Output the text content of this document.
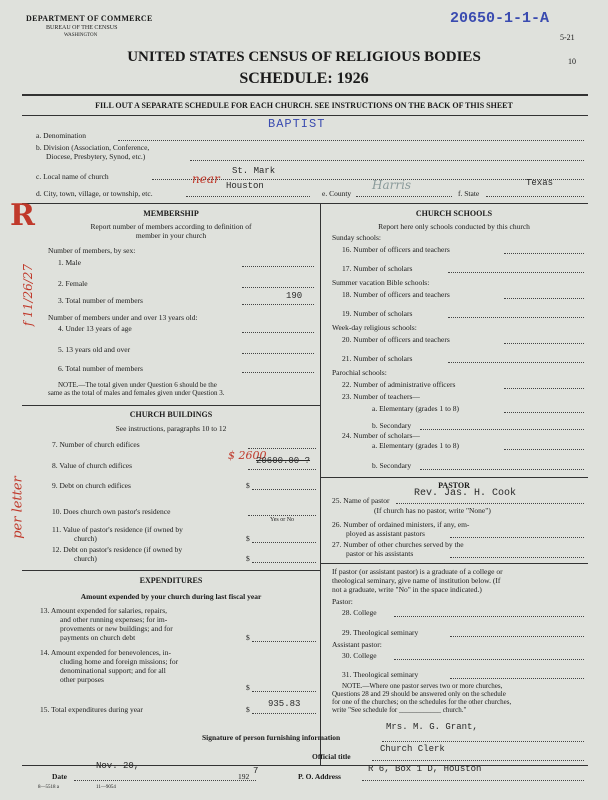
DEPARTMENT OF COMMERCE
BUREAU OF THE CENSUS
WASHINGTON
20650-1-1-A
5-21
10
UNITED STATES CENSUS OF RELIGIOUS BODIES
SCHEDULE: 1926
FILL OUT A SEPARATE SCHEDULE FOR EACH CHURCH. SEE INSTRUCTIONS ON THE BACK OF THIS SHEET
BAPTIST
a. Denomination
b. Division (Association, Conference,
Diocese, Presbytery, Synod, etc.)
c. Local name of church
St. Mark
d. City, town, village, or township, etc.
near Houston
e. County
Harris
f. State
Texas
MEMBERSHIP
Report number of members according to definition of
member in your church
Number of members, by sex:
1. Male
2. Female
3. Total number of members	190
Number of members under and over 13 years old:
4. Under 13 years of age
5. 13 years old and over
6. Total number of members
NOTE.—The total given under Question 6 should be the
same as the total of males and females given under Question 3.
CHURCH BUILDINGS
See instructions, paragraphs 10 to 12
7. Number of church edifices
8. Value of church edifices
$ 2600
20600.00 ?
9. Debt on church edifices	$
10. Does church own pastor's residence
Yes or No
11. Value of pastor's residence (if owned by
church)	$
12. Debt on pastor's residence (if owned by
church)	$
EXPENDITURES
Amount expended by your church during last fiscal year
13. Amount expended for salaries, repairs,
and other running expenses; for im-
provements or new buildings; and for
payments on church debt	$
14. Amount expended for benevolences, in-
cluding home and foreign missions; for
denominational support; and for all
other purposes
$
15. Total expenditures during year	$
935.83
CHURCH SCHOOLS
Report here only schools conducted by this church
Sunday schools:
16. Number of officers and teachers
17. Number of scholars
Summer vacation Bible schools:
18. Number of officers and teachers
19. Number of scholars
Week-day religious schools:
20. Number of officers and teachers
21. Number of scholars
Parochial schools:
22. Number of administrative officers
23. Number of teachers—
a. Elementary (grades 1 to 8)
b. Secondary
24. Number of scholars—
a. Elementary (grades 1 to 8)
b. Secondary
PASTOR
25. Name of pastor
Rev. Jas. H. Cook
(If church has no pastor, write "None")
26. Number of ordained ministers, if any, em-
ployed as assistant pastors
27. Number of other churches served by the
pastor or his assistants
If pastor (or assistant pastor) is a graduate of a college or
theological seminary, give name of institution below. (If
not a graduate, write "No" in the space indicated.)
Pastor:
28. College
29. Theological seminary
Assistant pastor:
30. College
31. Theological seminary
NOTE.—Where one pastor serves two or more churches,
Questions 28 and 29 should be answered only on the schedule
for one of the churches; on the schedules for the other churches,
write "See schedule for ____________ church."
Signature of person furnishing information
Mrs. M. G. Grant,
Official title
Church Clerk
Date
Nov. 20,
192
7
P. O. Address
R 6, Box 1 D, Houston
8—5518 a	11—9054
R
f 11/26/27
per letter
